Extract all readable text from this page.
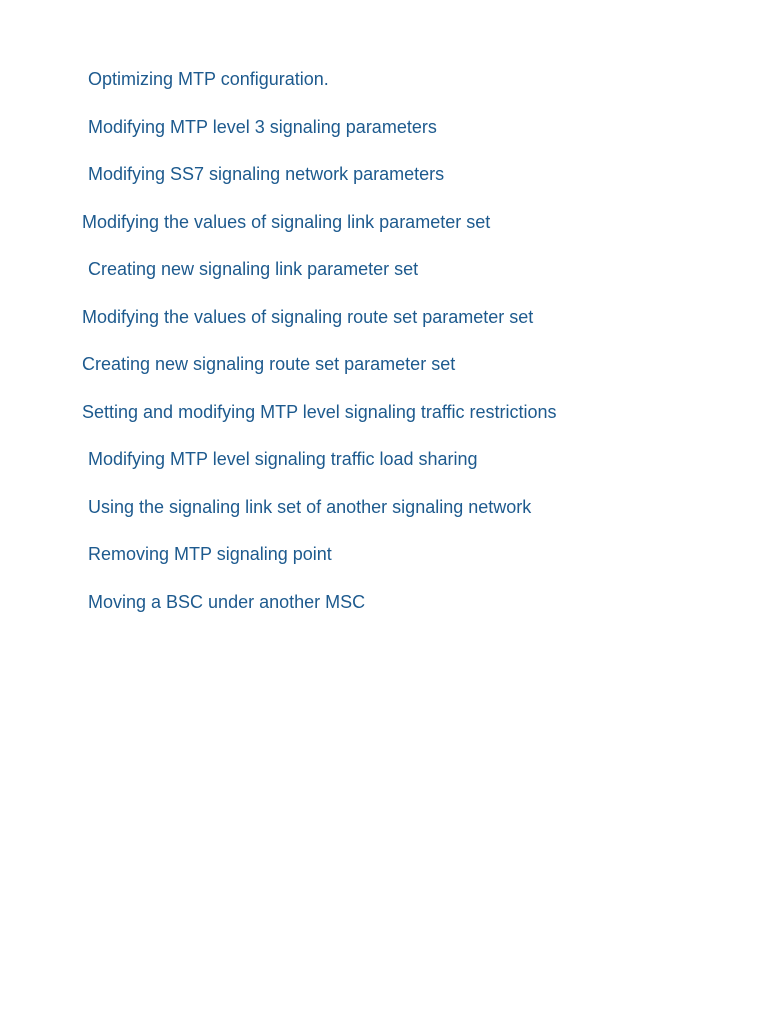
Optimizing MTP configuration.
Modifying MTP level 3 signaling parameters
Modifying SS7 signaling network parameters
Modifying the values of signaling link parameter set
Creating new signaling link parameter set
Modifying the values of signaling route set parameter set
Creating new signaling route set parameter set
Setting and modifying MTP level signaling traffic restrictions
Modifying MTP level signaling traffic load sharing
Using the signaling link set of another signaling network
Removing MTP signaling point
Moving a BSC under another MSC
